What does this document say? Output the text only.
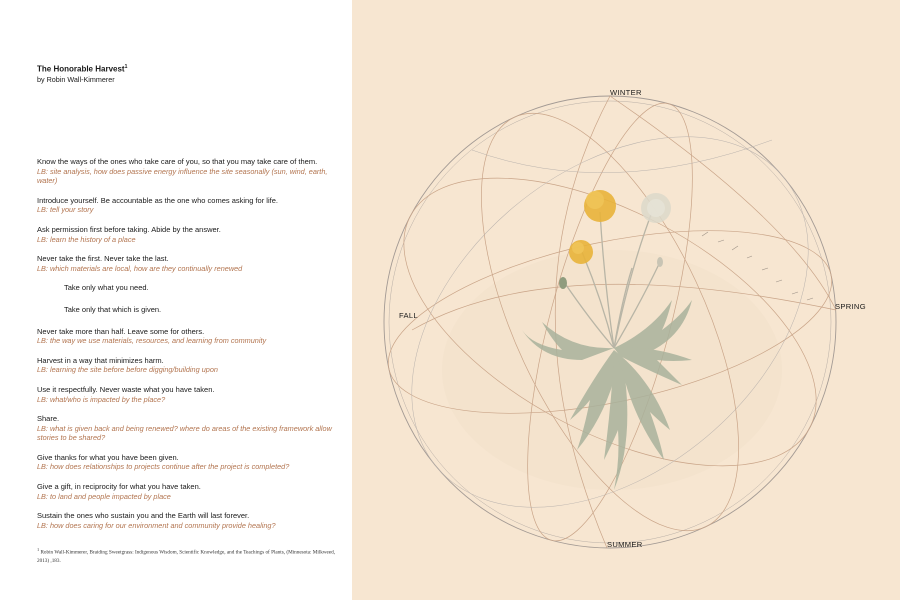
The Honorable Harvest$^1$
by Robin Wall-Kimmerer
Know the ways of the ones who take care of you, so that you may take care of them.
LB: site analysis, how does passive energy influence the site seasonally (sun, wind, earth, water)
Introduce yourself. Be accountable as the one who comes asking for life.
LB: tell your story
Ask permission first before taking. Abide by the answer.
LB: learn the history of a place
Never take the first. Never take the last.
LB: which materials are local, how are they continually renewed
Take only what you need.
Take only that which is given.
Never take more than half. Leave some for others.
LB: the way we use materials, resources, and learning from community
Harvest in a way that minimizes harm.
LB: learning the site before before digging/building upon
Use it respectfully. Never waste what you have taken.
LB: what/who is impacted by the place?
Share.
LB: what is given back and being renewed? where do areas of the existing framework allow stories to be shared?
Give thanks for what you have been given.
LB: how does relationships to projects continue after the project is completed?
Give a gift, in reciprocity for what you have taken.
LB: to land and people impacted by place
Sustain the ones who sustain you and the Earth will last forever.
LB: how does caring for our environment and community provide healing?
$^1$ Robin Wall-Kimmerer, Braiding Sweetgrass: Indigenous Wisdom, Scientific Knowledge, and the Teachings of Plants, (Minnesota: Milkweed, 2013) ,183.
WINTER
SPRING
FALL
SUMMER
